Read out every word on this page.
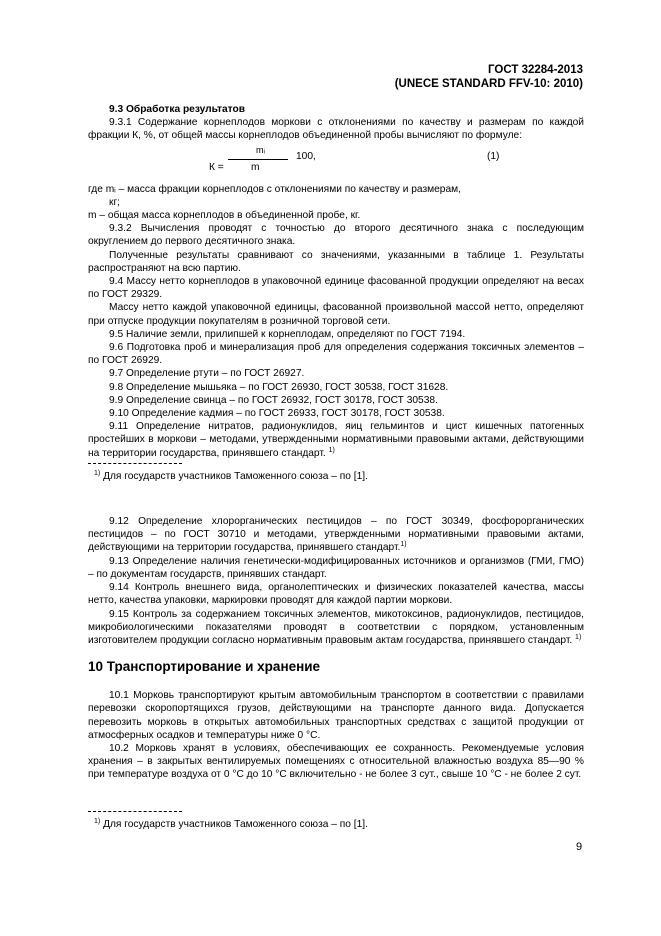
ГОСТ 32284-2013
(UNECE STANDARD FFV-10: 2010)

9.3 Обработка результатов

9.3.1 Содержание корнеплодов моркови с отклонениями по качеству и размерам по каждой фракции К, %, от общей массы корнеплодов объединенной пробы вычисляют по формуле:

mᵢ
К =	m
100,	(1)

где mᵢ – масса фракции корнеплодов с отклонениями по качеству и размерам,

кг;

m – общая масса корнеплодов в объединенной пробе, кг.

9.3.2 Вычисления проводят с точностью до второго десятичного знака с последующим округлением до первого десятичного знака.

Полученные результаты сравнивают со значениями, указанными в таблице 1. Результаты распространяют на всю партию.

9.4 Массу нетто корнеплодов в упаковочной единице фасованной продукции определяют на весах по ГОСТ 29329.

Массу нетто каждой упаковочной единицы, фасованной произвольной массой нетто, определяют при отпуске продукции покупателям в розничной торговой сети.

9.5 Наличие земли, прилипшей к корнеплодам, определяют по ГОСТ 7194.

9.6 Подготовка проб и минерализация проб для определения содержания токсичных элементов – по ГОСТ 26929.

9.7 Определение ртути – по ГОСТ 26927.

9.8 Определение мышьяка – по ГОСТ 26930, ГОСТ 30538, ГОСТ 31628.

9.9 Определение свинца – по ГОСТ 26932, ГОСТ 30178, ГОСТ 30538.

9.10 Определение кадмия – по ГОСТ 26933, ГОСТ 30178, ГОСТ 30538.

9.11 Определение нитратов, радионуклидов, яиц гельминтов и цист кишечных патогенных простейших в моркови – методами, утвержденными нормативными правовыми актами, действующими на территории государства, принявшего стандарт. $^{1)}$

$^{1)}$ Для государств участников Таможенного союза – по [1].

9.12 Определение хлорорганических пестицидов – по ГОСТ 30349, фосфорорганических пестицидов – по ГОСТ 30710 и методами, утвержденными нормативными правовыми актами, действующими на территории государства, принявшего стандарт.$^{1)}$

9.13 Определение наличия генетически-модифицированных источников и организмов (ГМИ, ГМО) – по документам государств, принявших стандарт.

9.14 Контроль внешнего вида, органолептических и физических показателей качества, массы нетто, качества упаковки, маркировки проводят для каждой партии моркови.

9.15 Контроль за содержанием токсичных элементов, микотоксинов, радионуклидов, пестицидов, микробиологическими показателями проводят в соответствии с порядком, установленным изготовителем продукции согласно нормативным правовым актам государства, принявшего стандарт. $^{1)}$

10 Транспортирование и хранение

10.1 Морковь транспортируют крытым автомобильным транспортом в соответствии с правилами перевозки скоропортящихся грузов, действующими на транспорте данного вида. Допускается перевозить морковь в открытых автомобильных транспортных средствах с защитой продукции от атмосферных осадков и температуры ниже 0 °С.

10.2 Морковь хранят в условиях, обеспечивающих ее сохранность. Рекомендуемые условия хранения – в закрытых вентилируемых помещениях с относительной влажностью воздуха 85—90 % при температуре воздуха от 0 °С до 10 °С включительно - не более 3 сут., свыше 10 °С - не более 2 сут.

$^{1)}$ Для государств участников Таможенного союза – по [1].

9
